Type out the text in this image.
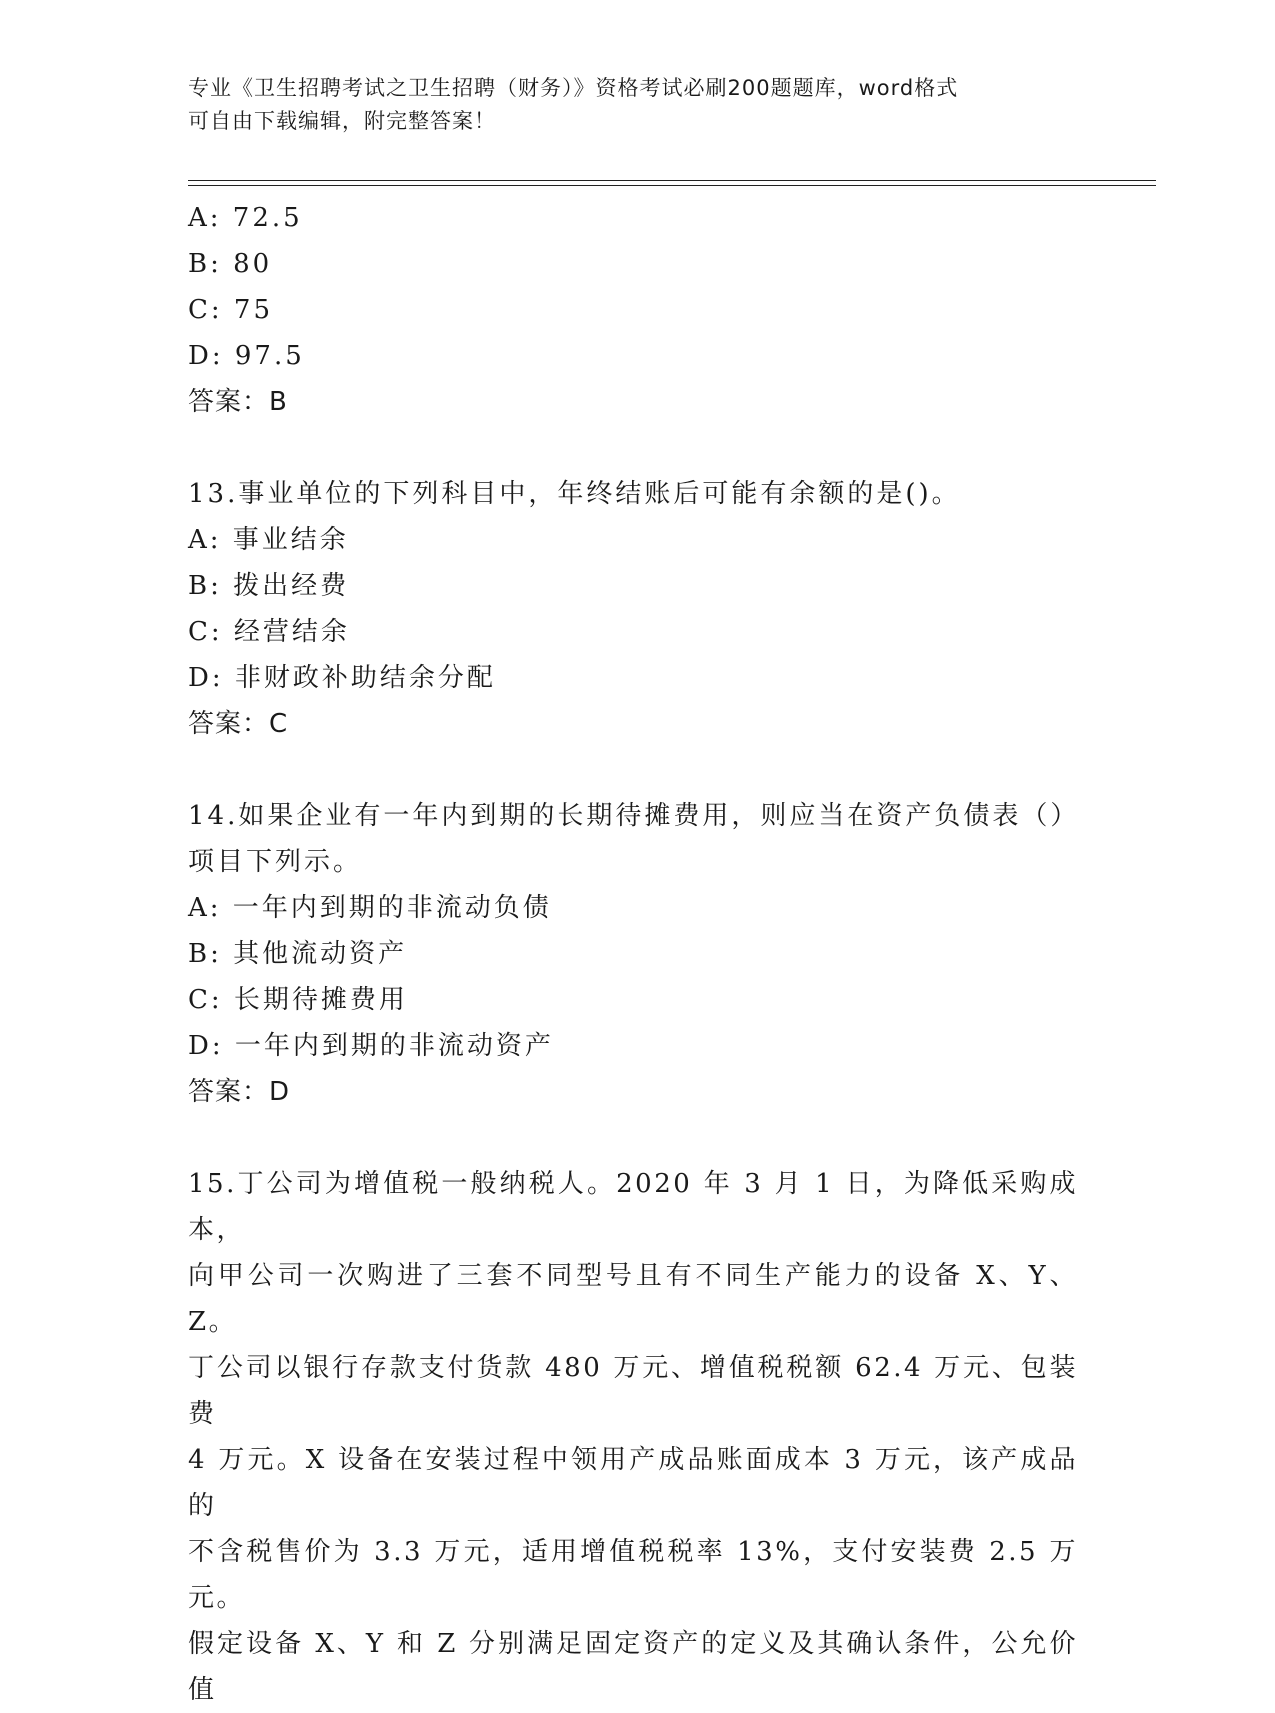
专业《卫生招聘考试之卫生招聘（财务）》资格考试必刷200题题库，word格式
可自由下载编辑，附完整答案！
A: 72.5
B: 80
C: 75
D: 97.5
答案：B
13.事业单位的下列科目中，年终结账后可能有余额的是()。
A: 事业结余
B: 拨出经费
C: 经营结余
D: 非财政补助结余分配
答案：C
14.如果企业有一年内到期的长期待摊费用，则应当在资产负债表（）
项目下列示。
A: 一年内到期的非流动负债
B: 其他流动资产
C: 长期待摊费用
D: 一年内到期的非流动资产
答案：D
15.丁公司为增值税一般纳税人。2020 年 3 月 1 日，为降低采购成本，
向甲公司一次购进了三套不同型号且有不同生产能力的设备 X、Y、Z。
丁公司以银行存款支付货款 480 万元、增值税税额 62.4 万元、包装费
4 万元。X 设备在安装过程中领用产成品账面成本 3 万元，该产成品的
不含税售价为 3.3 万元，适用增值税税率 13%，支付安装费 2.5 万元。
假定设备 X、Y 和 Z 分别满足固定资产的定义及其确认条件，公允价值
